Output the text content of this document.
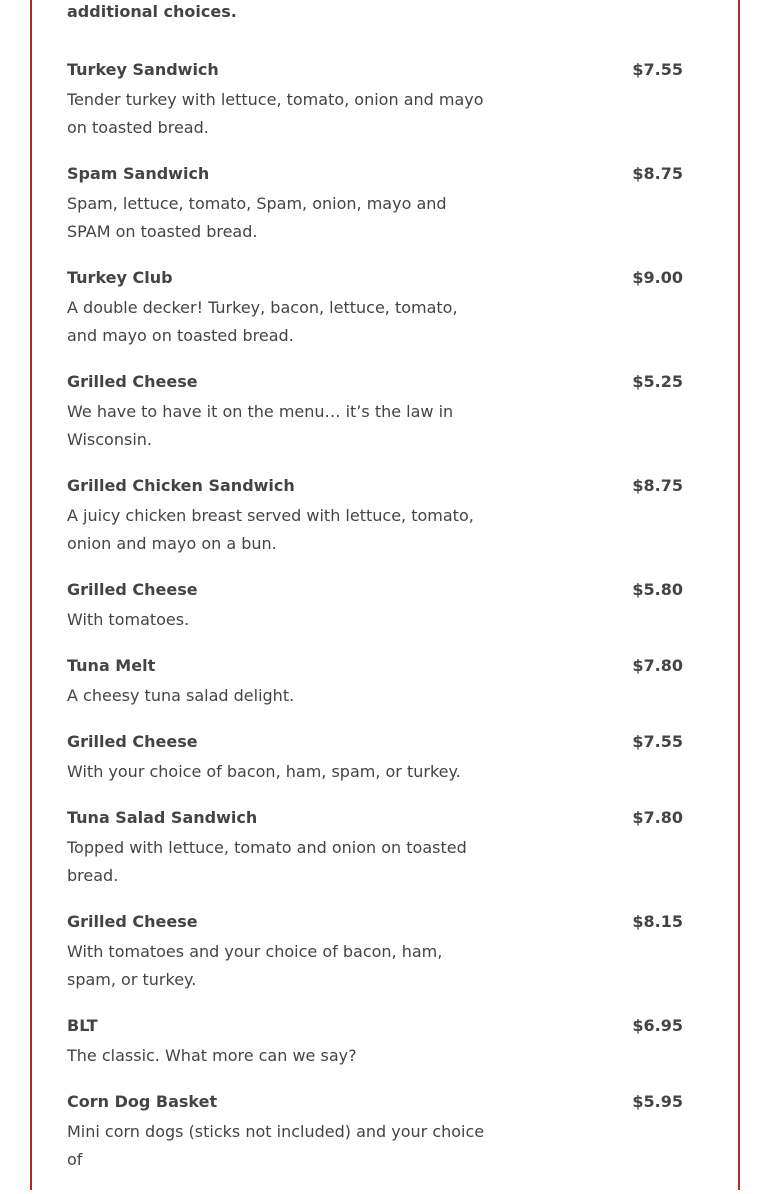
additional choices.
Turkey Sandwich	$7.55

Tender turkey with lettuce, tomato, onion and mayo on toasted bread.

Spam Sandwich	$8.75

Spam, lettuce, tomato, Spam, onion, mayo and SPAM on toasted bread.

Turkey Club	$9.00

A double decker! Turkey, bacon, lettuce, tomato, and mayo on toasted bread.

Grilled Cheese	$5.25

We have to have it on the menu… it’s the law in Wisconsin.

Grilled Chicken Sandwich	$8.75

A juicy chicken breast served with lettuce, tomato, onion and mayo on a bun.

Grilled Cheese	$5.80

With tomatoes.

Tuna Melt	$7.80

A cheesy tuna salad delight.

Grilled Cheese	$7.55

With your choice of bacon, ham, spam, or turkey.

Tuna Salad Sandwich	$7.80

Topped with lettuce, tomato and onion on toasted bread.

Grilled Cheese	$8.15

With tomatoes and your choice of bacon, ham, spam, or turkey.

BLT	$6.95

The classic. What more can we say?

Corn Dog Basket	$5.95

Mini corn dogs (sticks not included) and your choice of
